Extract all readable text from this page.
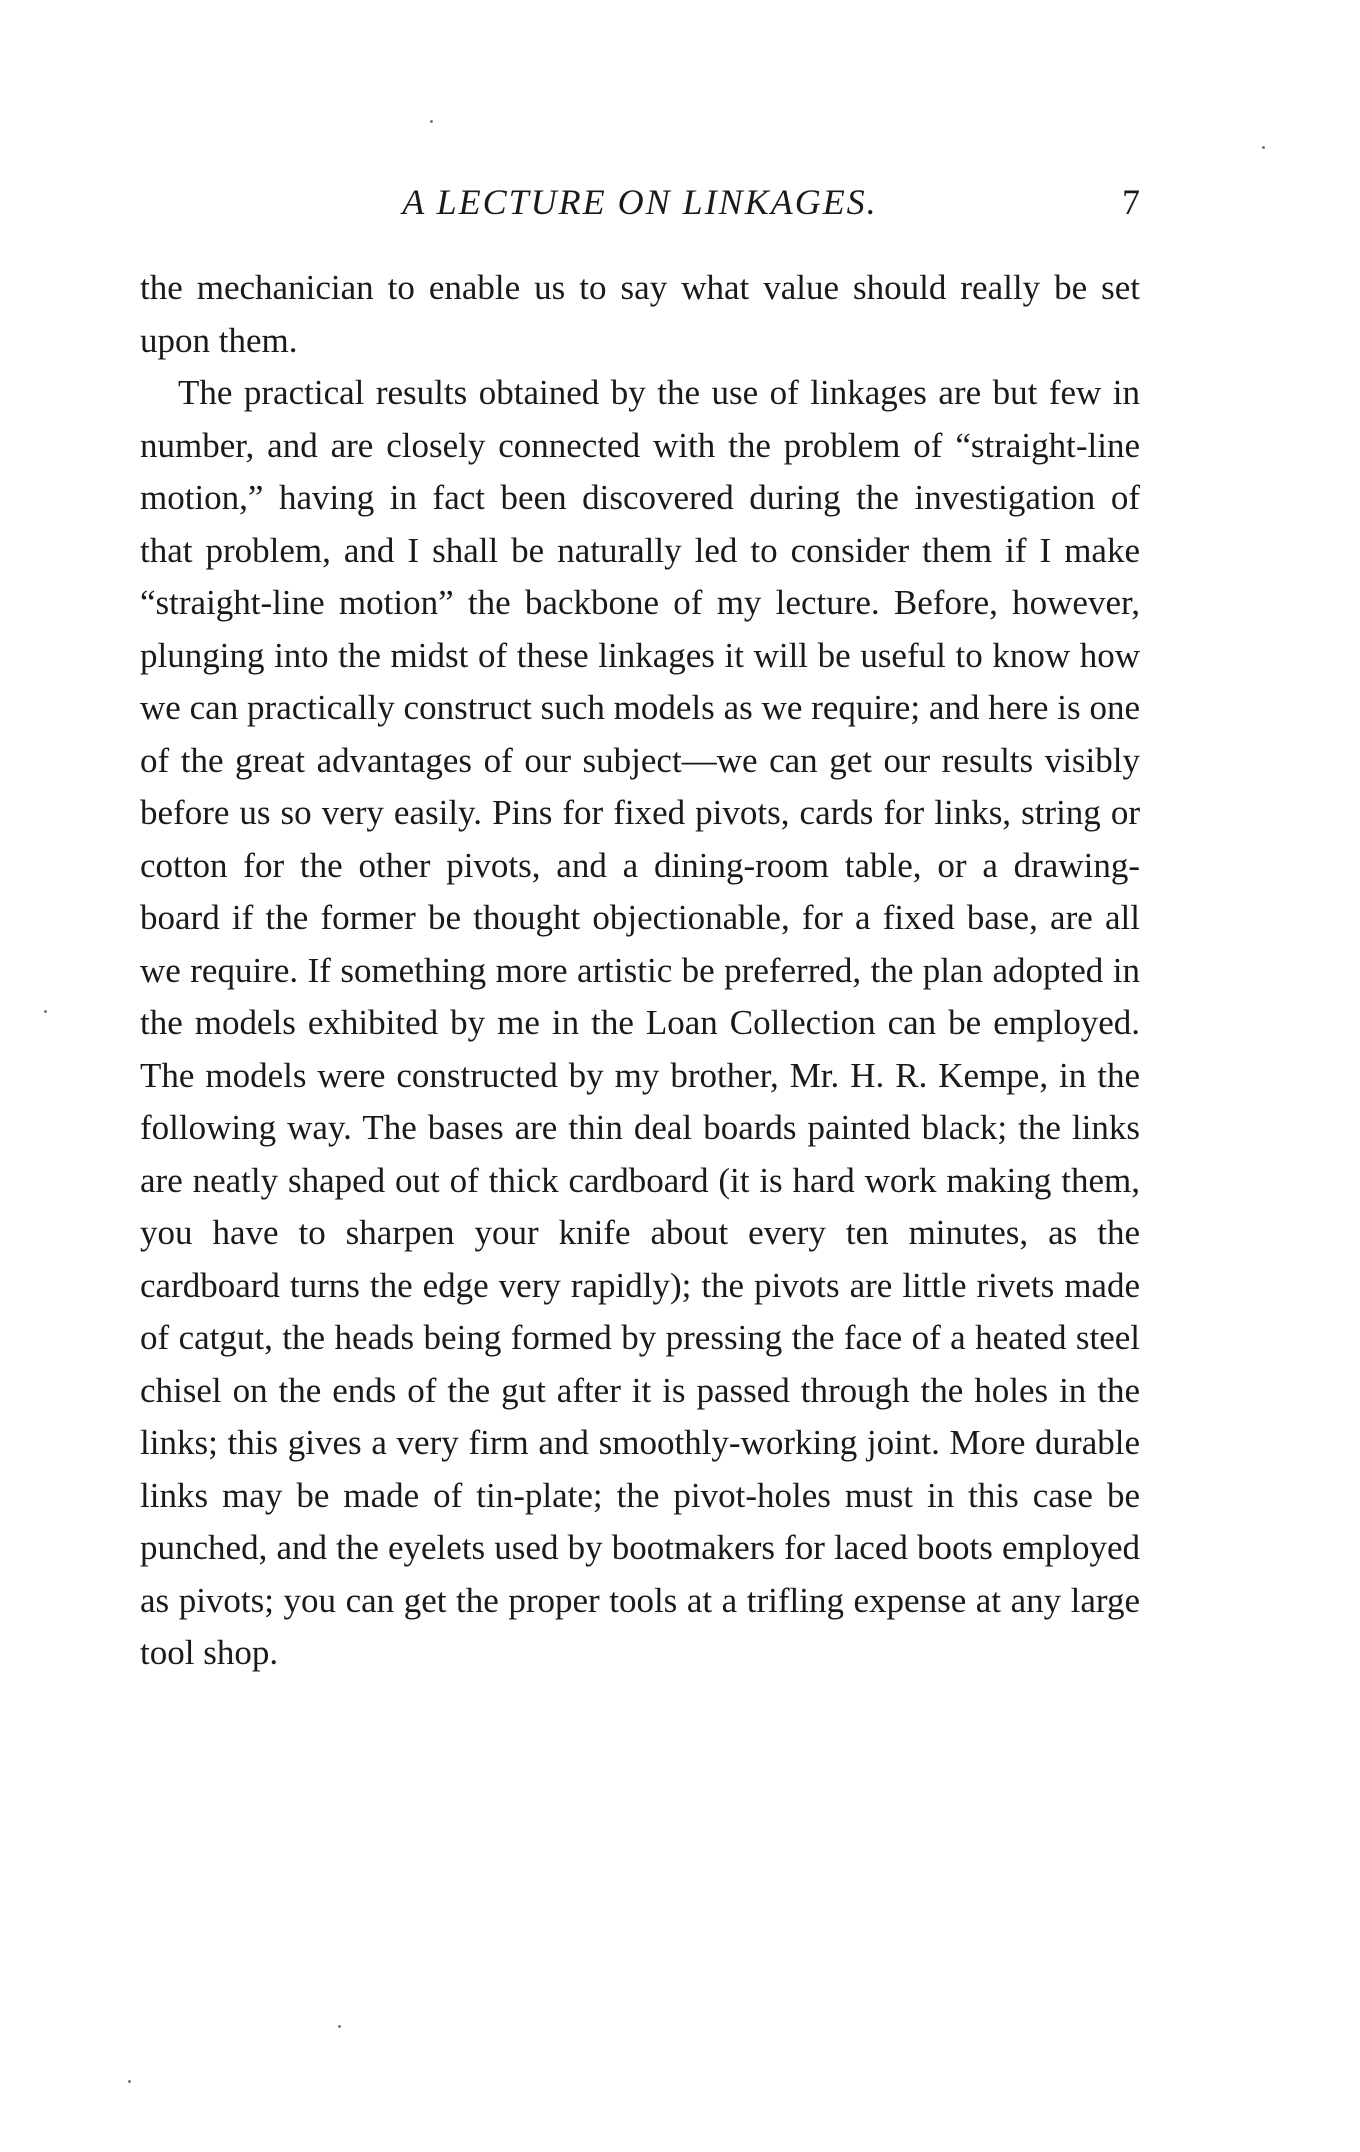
A LECTURE ON LINKAGES.	7

the mechanician to enable us to say what value should really be set upon them.

The practical results obtained by the use of linkages are but few in number, and are closely connected with the problem of “straight-line motion,” having in fact been discovered during the investigation of that problem, and I shall be naturally led to consider them if I make “straight-line motion” the backbone of my lecture. Before, however, plunging into the midst of these linkages it will be useful to know how we can practically construct such models as we require; and here is one of the great advantages of our subject—we can get our results visibly before us so very easily. Pins for fixed pivots, cards for links, string or cotton for the other pivots, and a dining-room table, or a drawing-board if the former be thought objectionable, for a fixed base, are all we require. If something more artistic be preferred, the plan adopted in the models exhibited by me in the Loan Collection can be employed. The models were constructed by my brother, Mr. H. R. Kempe, in the following way. The bases are thin deal boards painted black; the links are neatly shaped out of thick cardboard (it is hard work making them, you have to sharpen your knife about every ten minutes, as the cardboard turns the edge very rapidly); the pivots are little rivets made of catgut, the heads being formed by pressing the face of a heated steel chisel on the ends of the gut after it is passed through the holes in the links; this gives a very firm and smoothly-working joint. More durable links may be made of tin-plate; the pivot-holes must in this case be punched, and the eyelets used by bootmakers for laced boots employed as pivots; you can get the proper tools at a trifling expense at any large tool shop.
